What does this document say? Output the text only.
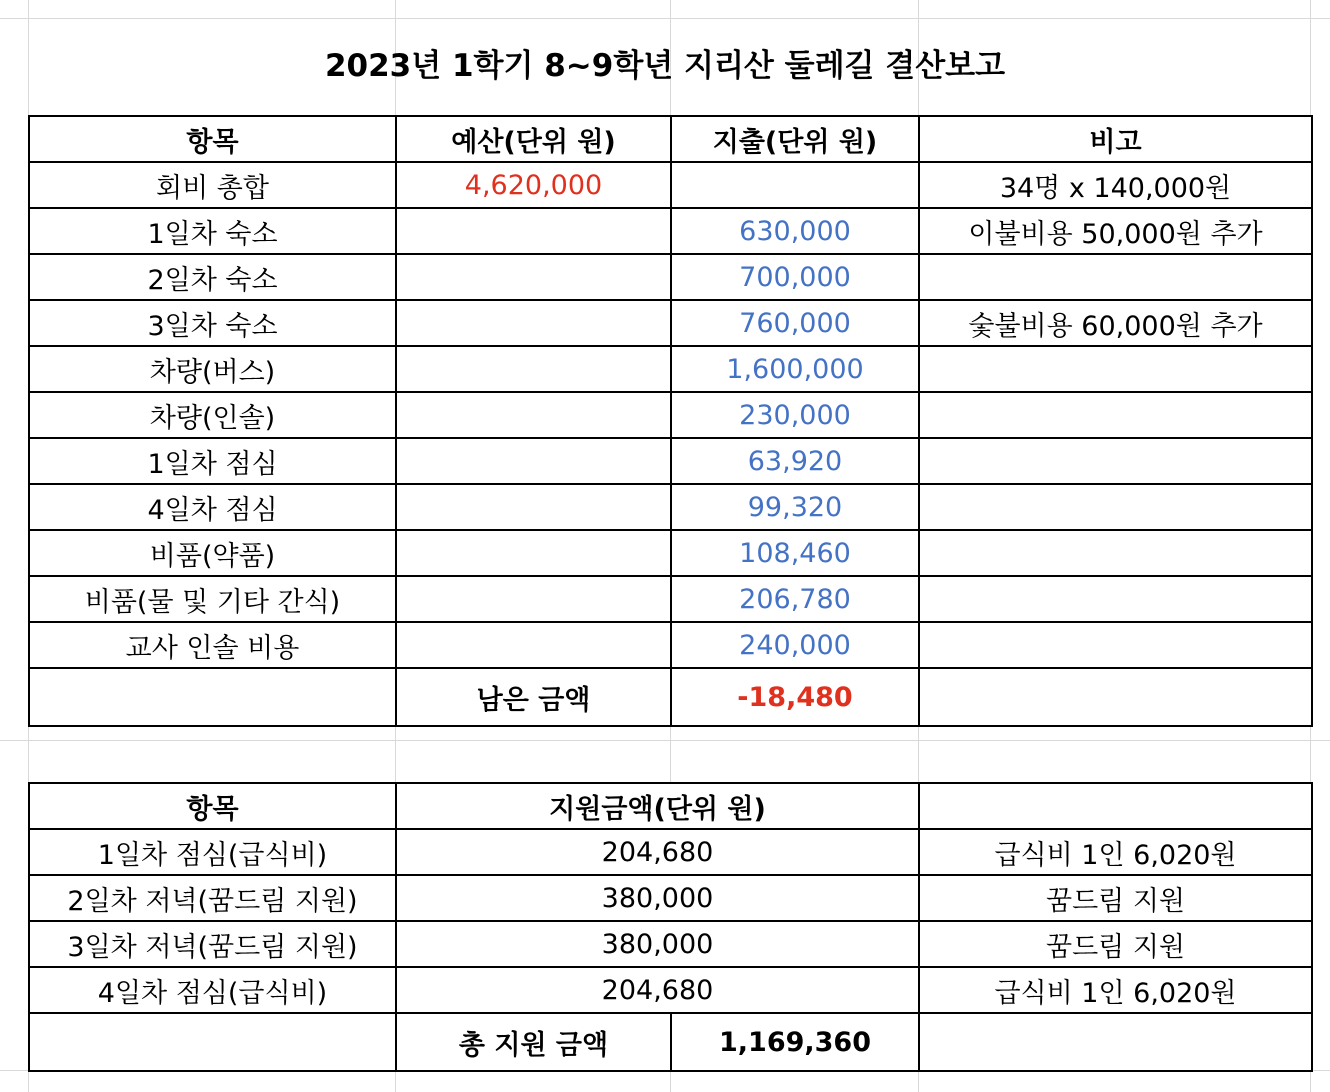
2023년 1학기 8~9학년 지리산 둘레길 결산보고
항목	예산(단위 원)	지출(단위 원)	비고
회비 총합	4,620,000		34명 x 140,000원
1일차 숙소		630,000	이불비용 50,000원 추가
2일차 숙소		700,000	
3일차 숙소		760,000	숯불비용 60,000원 추가
차량(버스)		1,600,000	
차량(인솔)		230,000	
1일차 점심		63,920	
4일차 점심		99,320	
비품(약품)		108,460	
비품(물 및 기타 간식)		206,780	
교사 인솔 비용		240,000	
	남은 금액	-18,480	
항목	지원금액(단위 원)		
1일차 점심(급식비)	204,680		급식비 1인 6,020원
2일차 저녁(꿈드림 지원)	380,000		꿈드림 지원
3일차 저녁(꿈드림 지원)	380,000		꿈드림 지원
4일차 점심(급식비)	204,680		급식비 1인 6,020원
	총 지원 금액	1,169,360	
